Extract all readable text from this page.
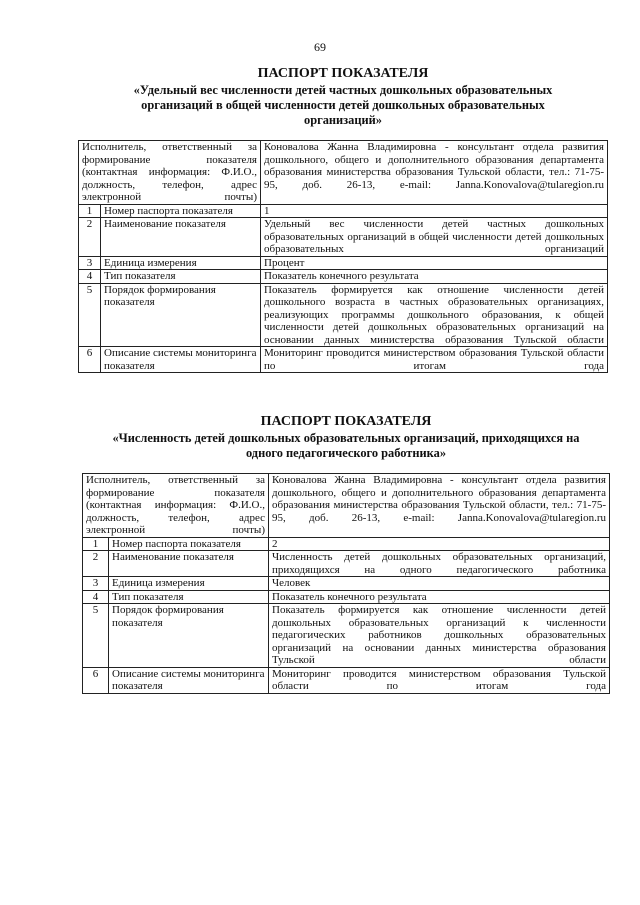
69
ПАСПОРТ ПОКАЗАТЕЛЯ
«Удельный вес численности детей частных дошкольных образовательных организаций в общей численности детей дошкольных образовательных организаций»
Исполнитель, ответственный за формирование показателя (контактная информация: Ф.И.О., должность, телефон, адрес электронной почты)		Коновалова Жанна Владимировна - консультант отдела развития дошкольного, общего и дополнительного образования департамента образования министерства образования Тульской области, тел.: 71-75-95, доб. 26-13, e-mail: Janna.Konovalova@tularegion.ru
1	Номер паспорта показателя	1
2	Наименование показателя	Удельный вес численности детей частных дошкольных образовательных организаций в общей численности детей дошкольных образовательных организаций
3	Единица измерения	Процент
4	Тип показателя	Показатель конечного результата
5	Порядок формирования показателя	Показатель формируется как отношение численности детей дошкольного возраста в частных образовательных организациях, реализующих программы дошкольного образования, к общей численности детей дошкольных образовательных организаций на основании данных министерства образования Тульской области
6	Описание системы мониторинга показателя	Мониторинг проводится министерством образования Тульской области по итогам года
ПАСПОРТ ПОКАЗАТЕЛЯ
«Численность детей дошкольных образовательных организаций, приходящихся на одного педагогического работника»
Исполнитель, ответственный за формирование показателя (контактная информация: Ф.И.О., должность, телефон, адрес электронной почты)		Коновалова Жанна Владимировна - консультант отдела развития дошкольного, общего и дополнительного образования департамента образования министерства образования Тульской области, тел.: 71-75-95, доб. 26-13, e-mail: Janna.Konovalova@tularegion.ru
1	Номер паспорта показателя	2
2	Наименование показателя	Численность детей дошкольных образовательных организаций, приходящихся на одного педагогического работника
3	Единица измерения	Человек
4	Тип показателя	Показатель конечного результата
5	Порядок формирования показателя	Показатель формируется как отношение численности детей дошкольных образовательных организаций к численности педагогических работников дошкольных образовательных организаций на основании данных министерства образования Тульской области
6	Описание системы мониторинга показателя	Мониторинг проводится министерством образования Тульской области по итогам года
